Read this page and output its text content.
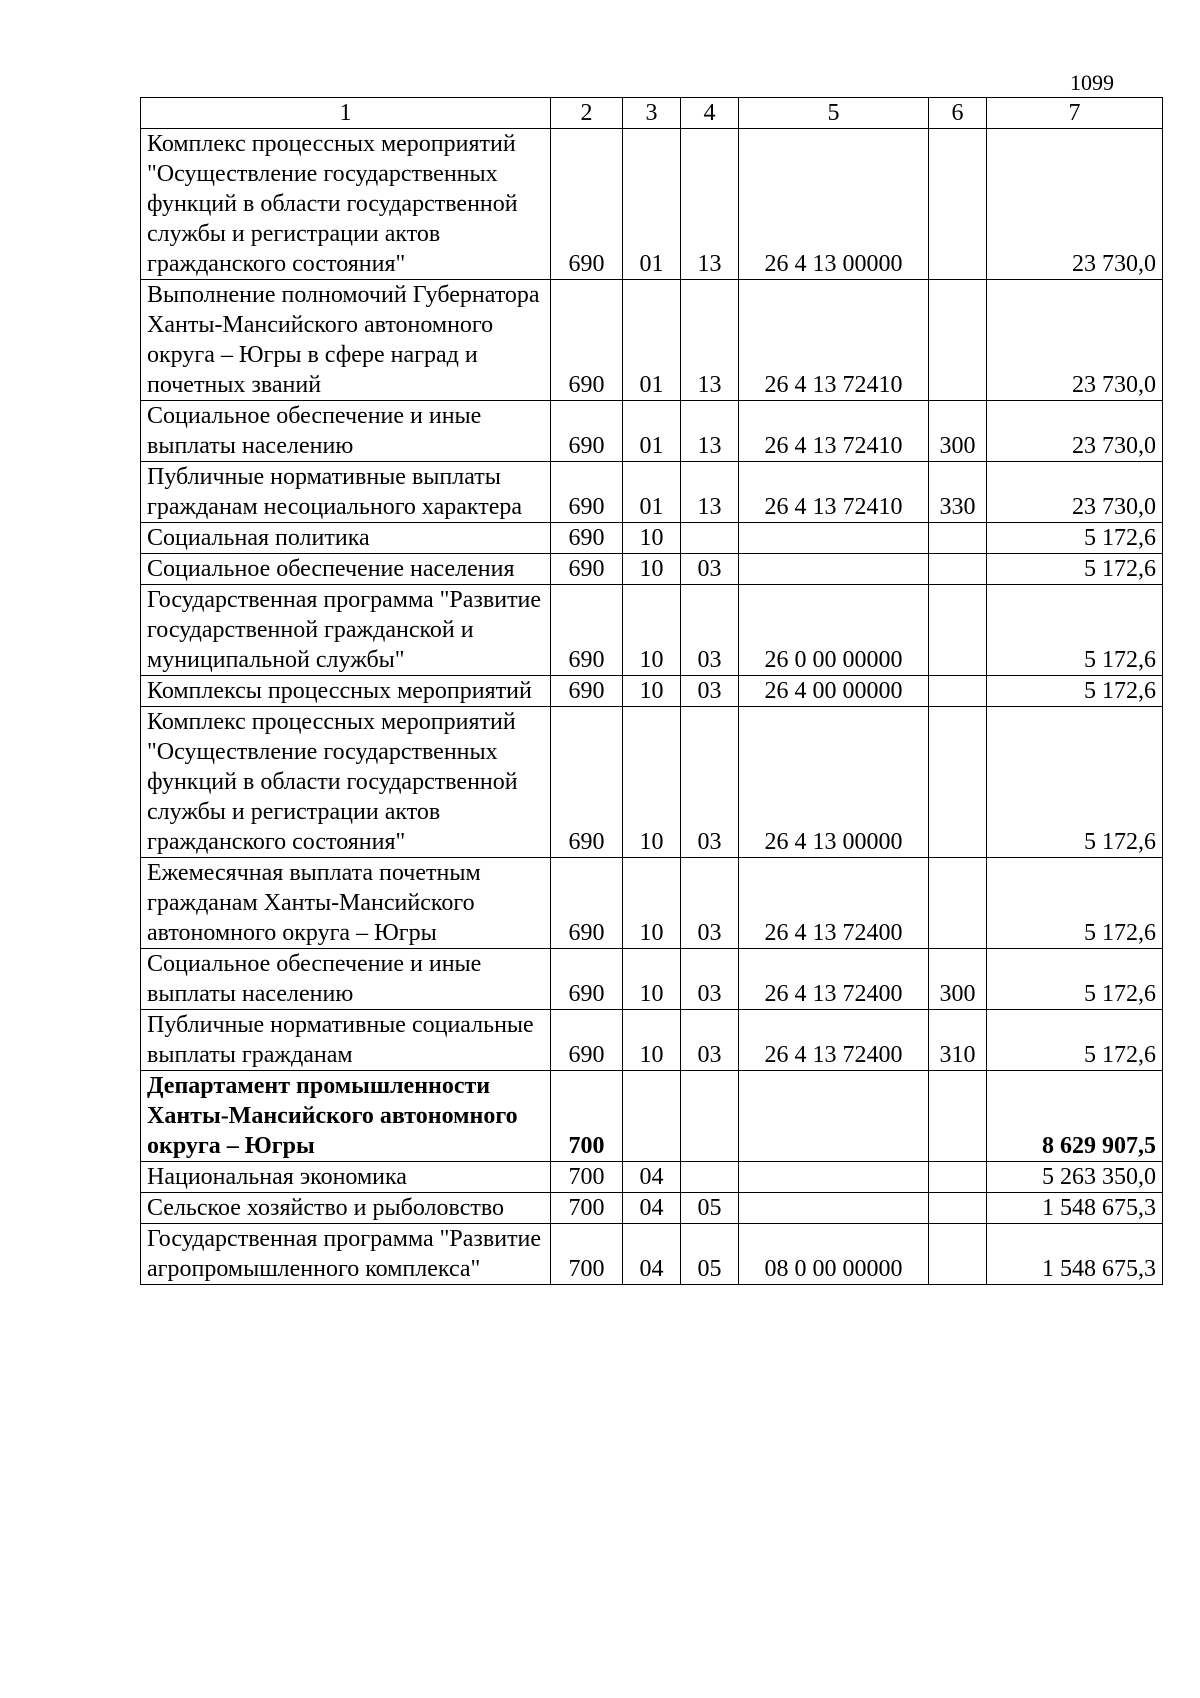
1099
1	2	3	4	5	6	7
Комплекс процессных мероприятий "Осуществление государственных функций в области государственной службы и регистрации актов гражданского состояния"	690	01	13	26 4 13 00000		23 730,0
Выполнение полномочий Губернатора Ханты-Мансийского автономного округа – Югры в сфере наград и почетных званий	690	01	13	26 4 13 72410		23 730,0
Социальное обеспечение и иные выплаты населению	690	01	13	26 4 13 72410	300	23 730,0
Публичные нормативные выплаты гражданам несоциального характера	690	01	13	26 4 13 72410	330	23 730,0
Социальная политика	690	10				5 172,6
Социальное обеспечение населения	690	10	03			5 172,6
Государственная программа "Развитие государственной гражданской и муниципальной службы"	690	10	03	26 0 00 00000		5 172,6
Комплексы процессных мероприятий	690	10	03	26 4 00 00000		5 172,6
Комплекс процессных мероприятий "Осуществление государственных функций в области государственной службы и регистрации актов гражданского состояния"	690	10	03	26 4 13 00000		5 172,6
Ежемесячная выплата почетным гражданам Ханты-Мансийского автономного округа – Югры	690	10	03	26 4 13 72400		5 172,6
Социальное обеспечение и иные выплаты населению	690	10	03	26 4 13 72400	300	5 172,6
Публичные нормативные социальные выплаты гражданам	690	10	03	26 4 13 72400	310	5 172,6
Департамент промышленности Ханты-Мансийского автономного округа – Югры	700					8 629 907,5
Национальная экономика	700	04				5 263 350,0
Сельское хозяйство и рыболовство	700	04	05			1 548 675,3
Государственная программа "Развитие агропромышленного комплекса"	700	04	05	08 0 00 00000		1 548 675,3
